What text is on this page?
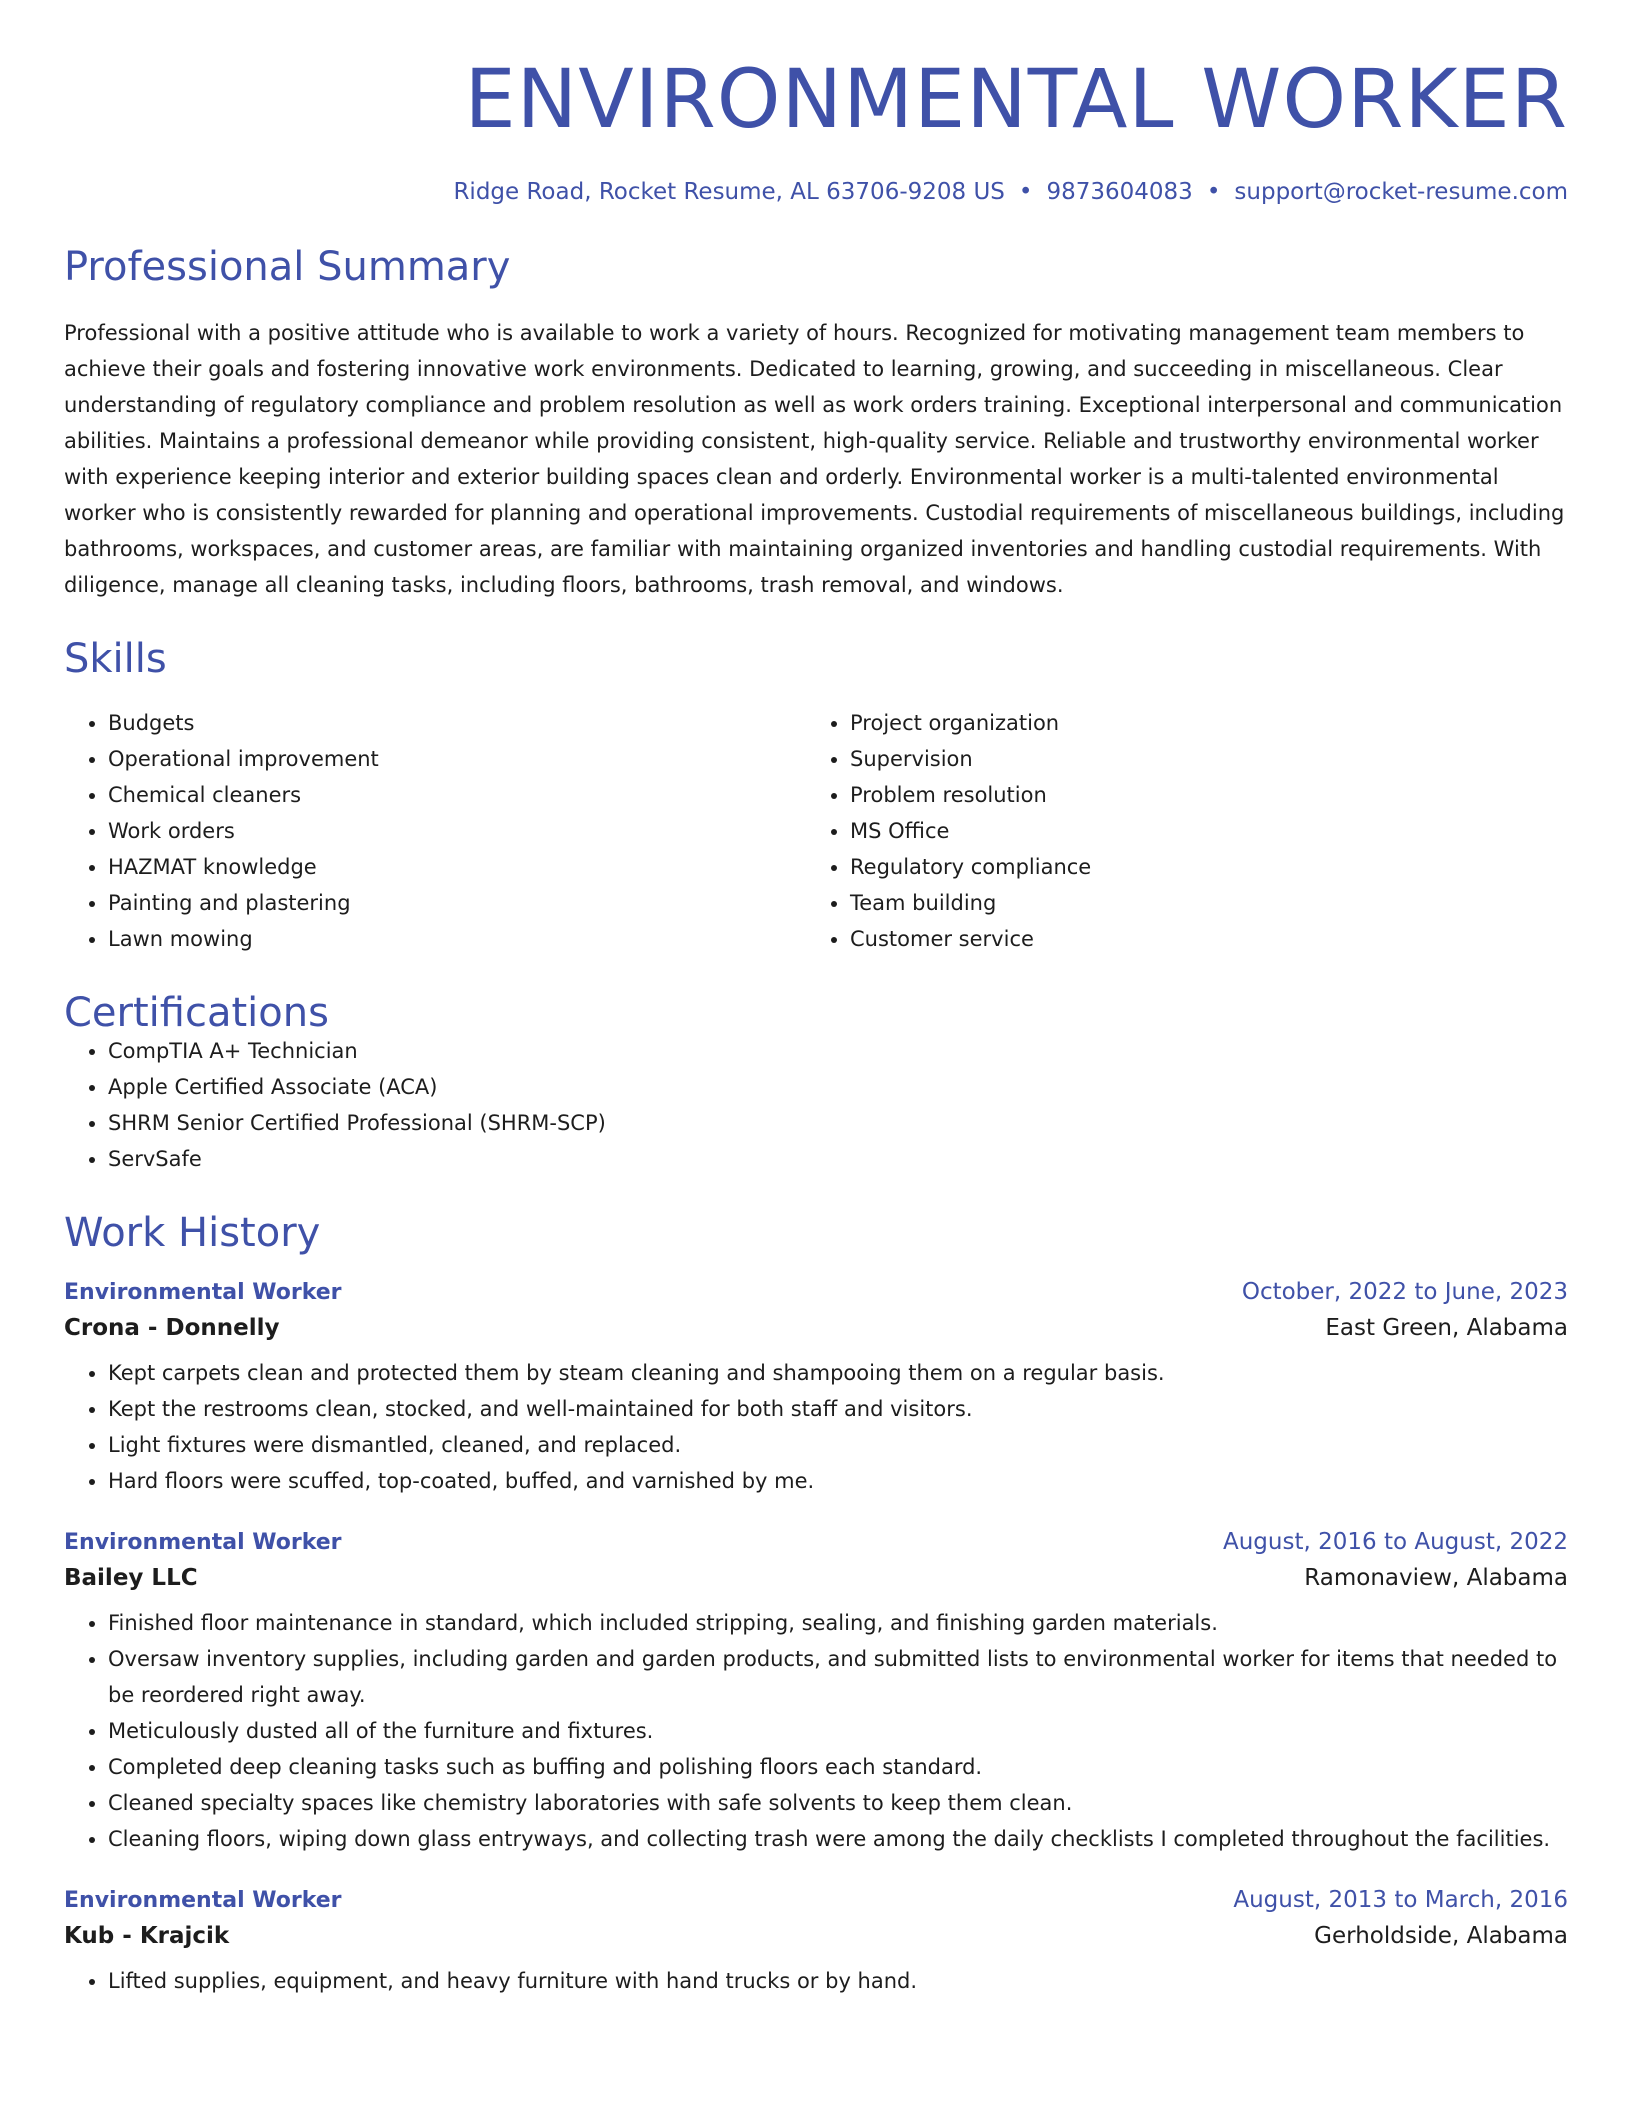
ENVIRONMENTAL WORKER
Ridge Road, Rocket Resume, AL 63706-9208 US • 9873604083 • support@rocket-resume.com
Professional Summary

Professional with a positive attitude who is available to work a variety of hours. Recognized for motivating management team members to achieve their goals and fostering innovative work environments. Dedicated to learning, growing, and succeeding in miscellaneous. Clear understanding of regulatory compliance and problem resolution as well as work orders training. Exceptional interpersonal and communication abilities. Maintains a professional demeanor while providing consistent, high-quality service. Reliable and trustworthy environmental worker with experience keeping interior and exterior building spaces clean and orderly. Environmental worker is a multi-talented environmental worker who is consistently rewarded for planning and operational improvements. Custodial requirements of miscellaneous buildings, including bathrooms, workspaces, and customer areas, are familiar with maintaining organized inventories and handling custodial requirements. With diligence, manage all cleaning tasks, including floors, bathrooms, trash removal, and windows.

Skills
• Budgets
• Operational improvement
• Chemical cleaners
• Work orders
• HAZMAT knowledge
• Painting and plastering
• Lawn mowing
• Project organization
• Supervision
• Problem resolution
• MS Office
• Regulatory compliance
• Team building
• Customer service
Certifications
• CompTIA A+ Technician
• Apple Certified Associate (ACA)
• SHRM Senior Certified Professional (SHRM-SCP)
• ServSafe
Work History
Environmental Worker	October, 2022 to June, 2023
Crona - Donnelly	East Green, Alabama
• Kept carpets clean and protected them by steam cleaning and shampooing them on a regular basis.
• Kept the restrooms clean, stocked, and well-maintained for both staff and visitors.
• Light fixtures were dismantled, cleaned, and replaced.
• Hard floors were scuffed, top-coated, buffed, and varnished by me.
Environmental Worker	August, 2016 to August, 2022
Bailey LLC	Ramonaview, Alabama
• Finished floor maintenance in standard, which included stripping, sealing, and finishing garden materials.
• Oversaw inventory supplies, including garden and garden products, and submitted lists to environmental worker for items that needed to be reordered right away.
• Meticulously dusted all of the furniture and fixtures.
• Completed deep cleaning tasks such as buffing and polishing floors each standard.
• Cleaned specialty spaces like chemistry laboratories with safe solvents to keep them clean.
• Cleaning floors, wiping down glass entryways, and collecting trash were among the daily checklists I completed throughout the facilities.
Environmental Worker	August, 2013 to March, 2016
Kub - Krajcik	Gerholdside, Alabama
• Lifted supplies, equipment, and heavy furniture with hand trucks or by hand.
